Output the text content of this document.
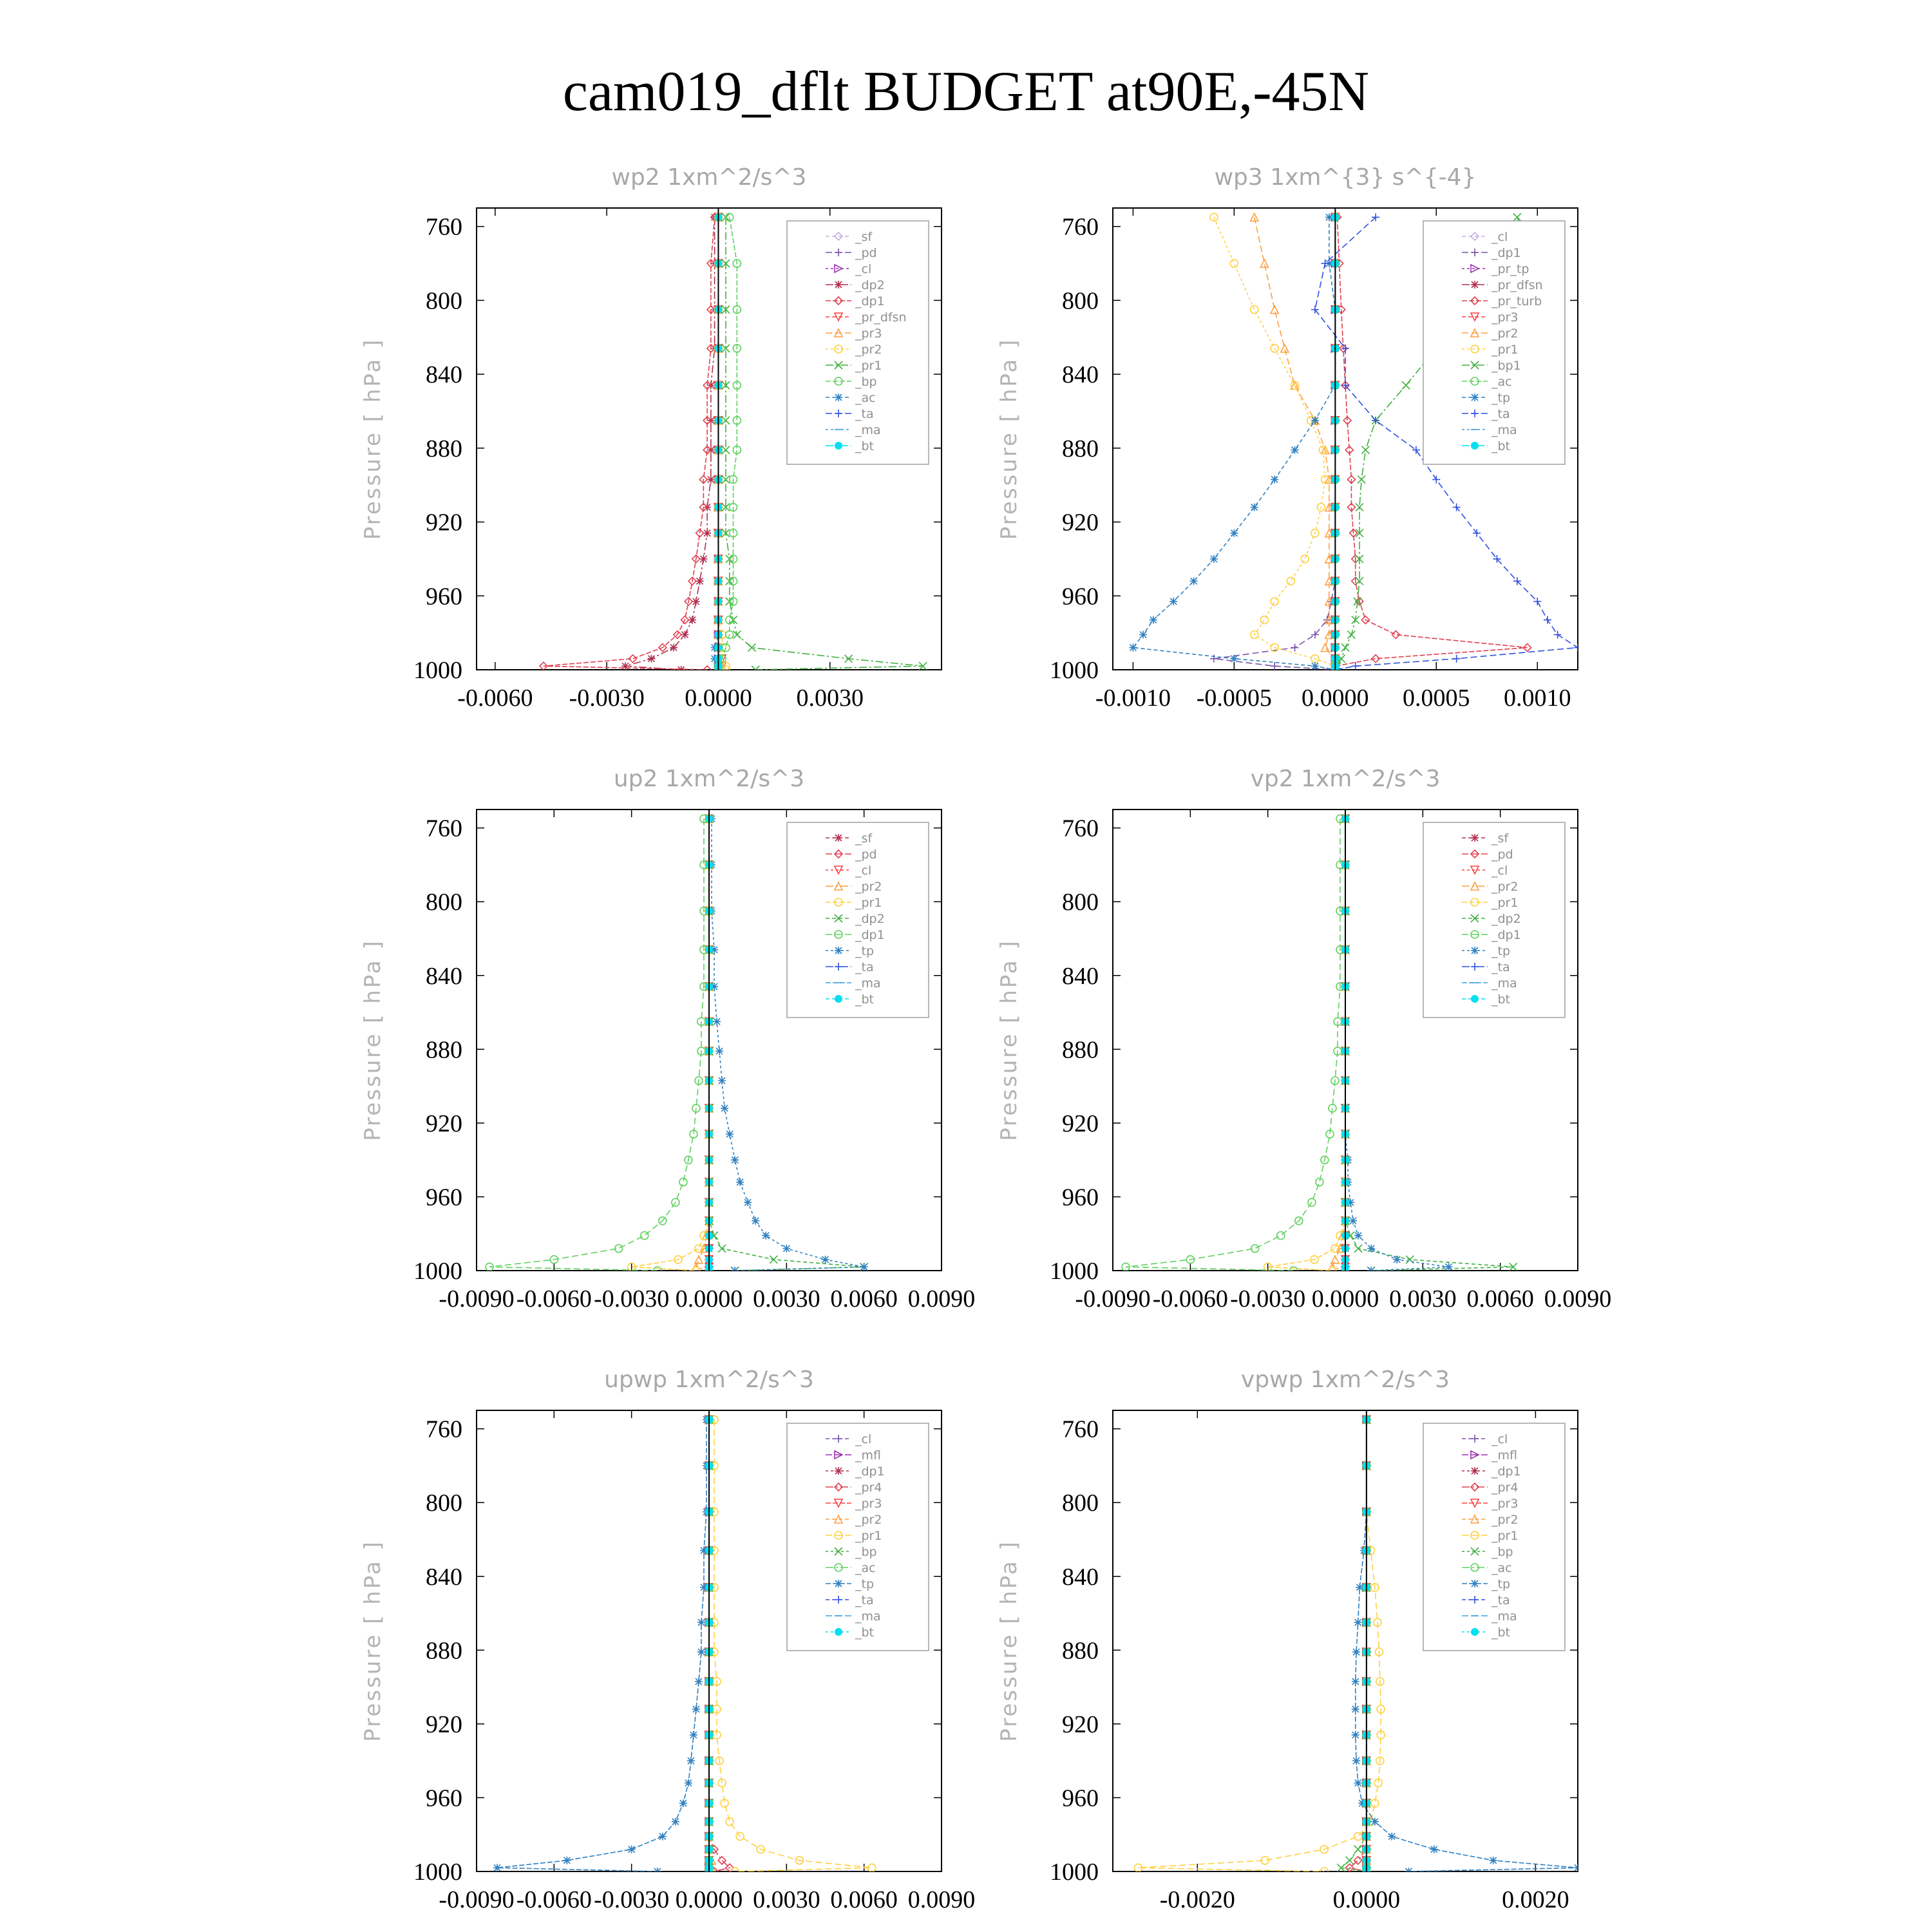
cam019_dflt BUDGET at90E,-45N
wp2 1xm^2/s^3
Pressure [ hPa ]
760
800
840
880
920
960
1000
-0.0060 -0.0030 0.0000 0.0030
_sf
_pd
_cl
_dp2
_dp1
_pr_dfsn
_pr3
_pr2
_pr1
_bp
_ac
_ta
_ma
_bt
wp3 1xm^{3} s^{-4}
Pressure [ hPa ]
760
800
840
880
920
960
1000
-0.0010 -0.0005 0.0000 0.0005 0.0010
_cl
_dp1
_pr_tp
_pr_dfsn
_pr_turb
_pr3
_pr2
_pr1
_bp1
_ac
_tp
_ta
_ma
_bt
up2 1xm^2/s^3
Pressure [ hPa ]
760
800
840
880
920
960
1000
-0.0090 -0.0060 -0.0030 0.0000 0.0030 0.0060 0.0090
_sf
_pd
_cl
_pr2
_pr1
_dp2
_dp1
_tp
_ta
_ma
_bt
vp2 1xm^2/s^3
Pressure [ hPa ]
760
800
840
880
920
960
1000
-0.0090 -0.0060 -0.0030 0.0000 0.0030 0.0060 0.0090
_sf
_pd
_cl
_pr2
_pr1
_dp2
_dp1
_tp
_ta
_ma
_bt
upwp 1xm^2/s^3
Pressure [ hPa ]
760
800
840
880
920
960
1000
-0.0090 -0.0060 -0.0030 0.0000 0.0030 0.0060 0.0090
_cl
_mfl
_dp1
_pr4
_pr3
_pr2
_pr1
_bp
_ac
_tp
_ta
_ma
_bt
vpwp 1xm^2/s^3
Pressure [ hPa ]
760
800
840
880
920
960
1000
-0.0020	0.0000	0.0020
_cl
_mfl
_dp1
_pr4
_pr3
_pr2
_pr1
_bp
_ac
_tp
_ta
_ma
_bt
